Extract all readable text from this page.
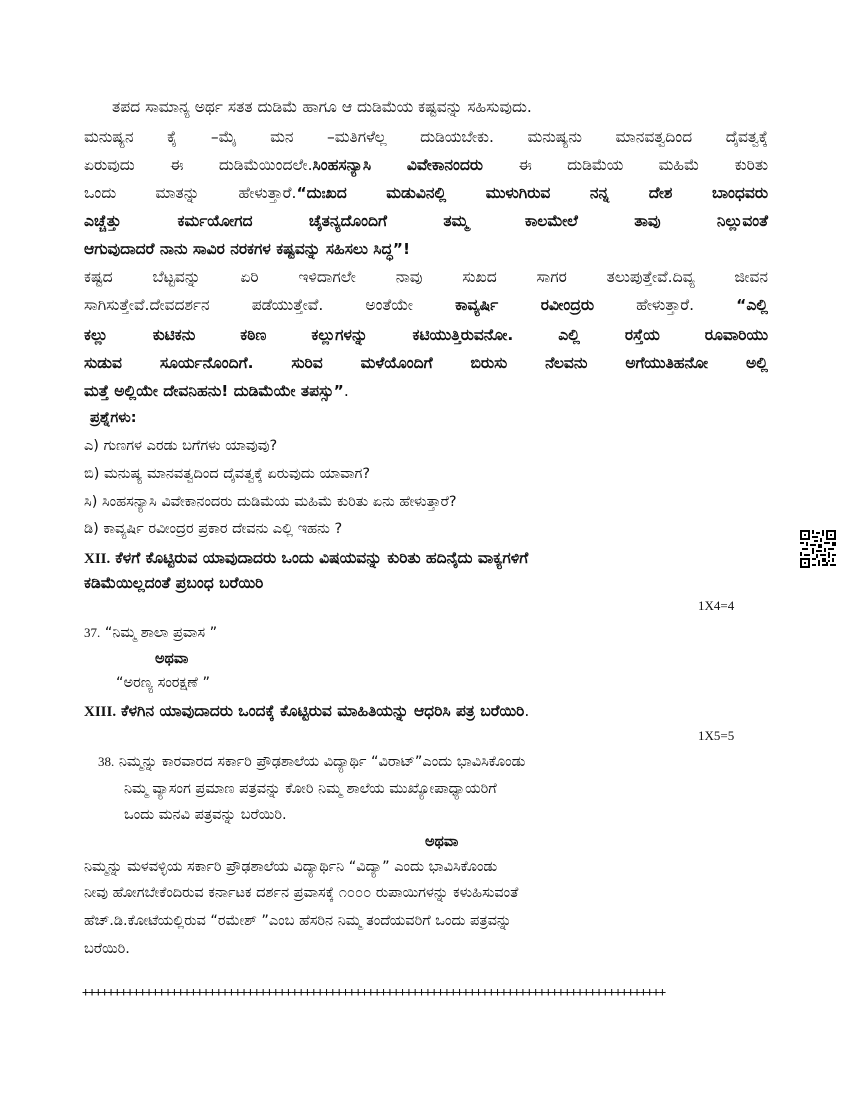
ತಪದ ಸಾಮಾನ್ಯ ಅರ್ಥ ಸತತ ದುಡಿಮೆ ಹಾಗೂ ಆ ದುಡಿಮೆಯ ಕಷ್ಟವನ್ನು ಸಹಿಸುವುದು.
ಮನುಷ್ಯನ ಕೈ –ಮೈ ಮನ –ಮತಿಗಳೆಲ್ಲ ದುಡಿಯಬೇಕು. ಮನುಷ್ಯನು ಮಾನವತ್ವದಿಂದ ದೈವತ್ವಕ್ಕೆ
ಏರುವುದು ಈ ದುಡಿಮೆಯಿಂದಲೇ.ಸಿಂಹಸನ್ಯಾಸಿ ವಿವೇಕಾನಂದರು ಈ ದುಡಿಮೆಯ ಮಹಿಮೆ ಕುರಿತು
ಒಂದು ಮಾತನ್ನು ಹೇಳುತ್ತಾರೆ.“ದುಃಖದ ಮಡುವಿನಲ್ಲಿ ಮುಳುಗಿರುವ ನನ್ನ ದೇಶ ಬಾಂಧವರು
ಎಚ್ಚೆತ್ತು ಕರ್ಮಯೋಗದ ಚೈತನ್ಯದೊಂದಿಗೆ ತಮ್ಮ ಕಾಲಮೇಲೆ ತಾವು ನಿಲ್ಲುವಂತೆ
ಆಗುವುದಾದರೆ ನಾನು ಸಾವಿರ ನರಕಗಳ ಕಷ್ಟವನ್ನು ಸಹಿಸಲು ಸಿದ್ಧ”!
ಕಷ್ಟದ ಬೆಟ್ಟವನ್ನು ಏರಿ ಇಳಿದಾಗಲೇ ನಾವು ಸುಖದ ಸಾಗರ ತಲುಪುತ್ತೇವೆ.ದಿವ್ಯ ಜೀವನ
ಸಾಗಿಸುತ್ತೇವೆ.ದೇವದರ್ಶನ ಪಡೆಯುತ್ತೇವೆ. ಅಂತೆಯೇ ಕಾವ್ಯರ್ಷಿ ರವೀಂದ್ರರು ಹೇಳುತ್ತಾರೆ. “ಎಲ್ಲಿ
ಕಲ್ಲು ಕುಟಿಕನು ಕಠಿಣ ಕಲ್ಲುಗಳನ್ನು ಕಟಿಯುತ್ತಿರುವನೋ. ಎಲ್ಲಿ ರಸ್ತೆಯ ರೂವಾರಿಯು
ಸುಡುವ ಸೂರ್ಯನೊಂದಿಗೆ. ಸುರಿವ ಮಳೆಯೊಂದಿಗೆ ಬಿರುಸು ನೆಲವನು ಅಗೆಯುತಿಹನೋ ಅಲ್ಲಿ
ಮತ್ತೆ ಅಲ್ಲಿಯೇ ದೇವನಿಹನು! ದುಡಿಮೆಯೇ ತಪಸ್ಸು”.
ಪ್ರಶ್ನೆಗಳು:
ಎ) ಗುಣಗಳ ಎರಡು ಬಗೆಗಳು ಯಾವುವು?
ಬಿ) ಮನುಷ್ಯ ಮಾನವತ್ವದಿಂದ ದೈವತ್ವಕ್ಕೆ ಏರುವುದು ಯಾವಾಗ?
ಸಿ) ಸಿಂಹಸನ್ಯಾಸಿ ವಿವೇಕಾನಂದರು ದುಡಿಮೆಯ ಮಹಿಮೆ ಕುರಿತು ಏನು ಹೇಳುತ್ತಾರೆ?
ಡಿ) ಕಾವ್ಯರ್ಷಿ ರವೀಂದ್ರರ ಪ್ರಕಾರ ದೇವನು ಎಲ್ಲಿ ಇಹನು ?
XII. ಕೆಳಗೆ ಕೊಟ್ಟಿರುವ ಯಾವುದಾದರು ಒಂದು ವಿಷಯವನ್ನು ಕುರಿತು ಹದಿನೈದು ವಾಕ್ಯಗಳಿಗೆ
ಕಡಿಮೆಯಿಲ್ಲದಂತೆ ಪ್ರಬಂಧ ಬರೆಯಿರಿ
1X4=4
37. “ನಿಮ್ಮ ಶಾಲಾ ಪ್ರವಾಸ ”
ಅಥವಾ
“ಅರಣ್ಯ ಸಂರಕ್ಷಣೆ ”
XIII. ಕೆಳಗಿನ ಯಾವುದಾದರು ಒಂದಕ್ಕೆ ಕೊಟ್ಟಿರುವ ಮಾಹಿತಿಯನ್ನು ಆಧರಿಸಿ ಪತ್ರ ಬರೆಯಿರಿ.
1X5=5
38. ನಿಮ್ಮನ್ನು ಕಾರವಾರದ ಸರ್ಕಾರಿ ಪ್ರೌಢಶಾಲೆಯ ವಿದ್ಯಾರ್ಥಿ “ವಿರಾಟ್”ಎಂದು ಭಾವಿಸಿಕೊಂಡು
ನಿಮ್ಮ ವ್ಯಾಸಂಗ ಪ್ರಮಾಣ ಪತ್ರವನ್ನು ಕೋರಿ ನಿಮ್ಮ ಶಾಲೆಯ ಮುಖ್ಯೋಪಾಧ್ಯಾಯರಿಗೆ
ಒಂದು ಮನವಿ ಪತ್ರವನ್ನು ಬರೆಯಿರಿ.
ಅಥವಾ
ನಿಮ್ಮನ್ನು ಮಳವಳ್ಳಿಯ ಸರ್ಕಾರಿ ಪ್ರೌಢಶಾಲೆಯ ವಿದ್ಯಾರ್ಥಿನಿ “ವಿದ್ಯಾ” ಎಂದು ಭಾವಿಸಿಕೊಂಡು
ನೀವು ಹೋಗಬೇಕೆಂದಿರುವ ಕರ್ನಾಟಕ ದರ್ಶನ ಪ್ರವಾಸಕ್ಕೆ ೧೦೦೦ ರುಪಾಯಿಗಳನ್ನು ಕಳುಹಿಸುವಂತೆ
ಹೆಚ್.ಡಿ.ಕೋಟೆಯಲ್ಲಿರುವ “ರಮೇಶ್ ”ಎಂಬ ಹೆಸರಿನ ನಿಮ್ಮ ತಂದೆಯವರಿಗೆ ಒಂದು ಪತ್ರವನ್ನು
ಬರೆಯಿರಿ.
++++++++++++++++++++++++++++++++++++++++++++++++++++++++++++++++++++++++++++++++++++++++++++
